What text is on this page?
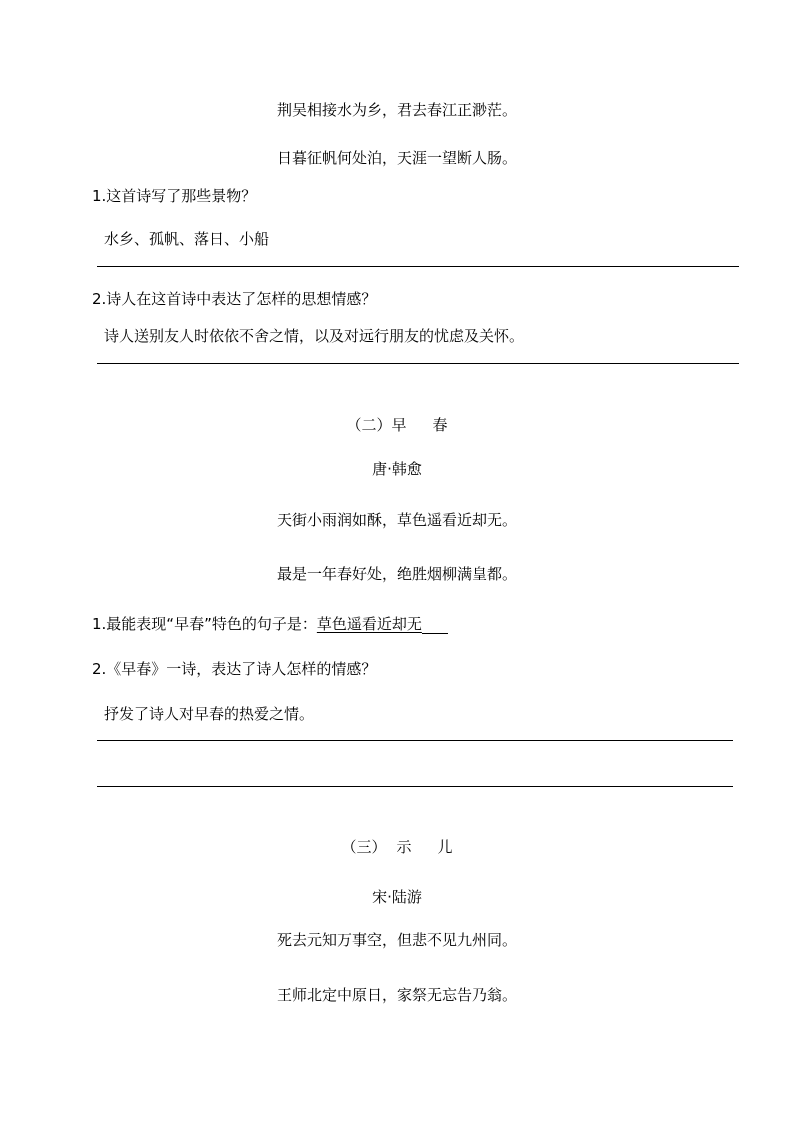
荆吴相接水为乡，君去春江正渺茫。
日暮征帆何处泊，天涯一望断人肠。
1.这首诗写了那些景物？
水乡、孤帆、落日、小船
2.诗人在这首诗中表达了怎样的思想情感？
诗人送别友人时依依不舍之情，以及对远行朋友的忧虑及关怀。
（二）早 春
唐·韩愈
天街小雨润如酥，草色遥看近却无。
最是一年春好处，绝胜烟柳满皇都。
1.最能表现“早春”特色的句子是：草色遥看近却无
2.《早春》一诗，表达了诗人怎样的情感？
抒发了诗人对早春的热爱之情。
（三） 示 儿
宋·陆游
死去元知万事空，但悲不见九州同。
王师北定中原日，家祭无忘告乃翁。
